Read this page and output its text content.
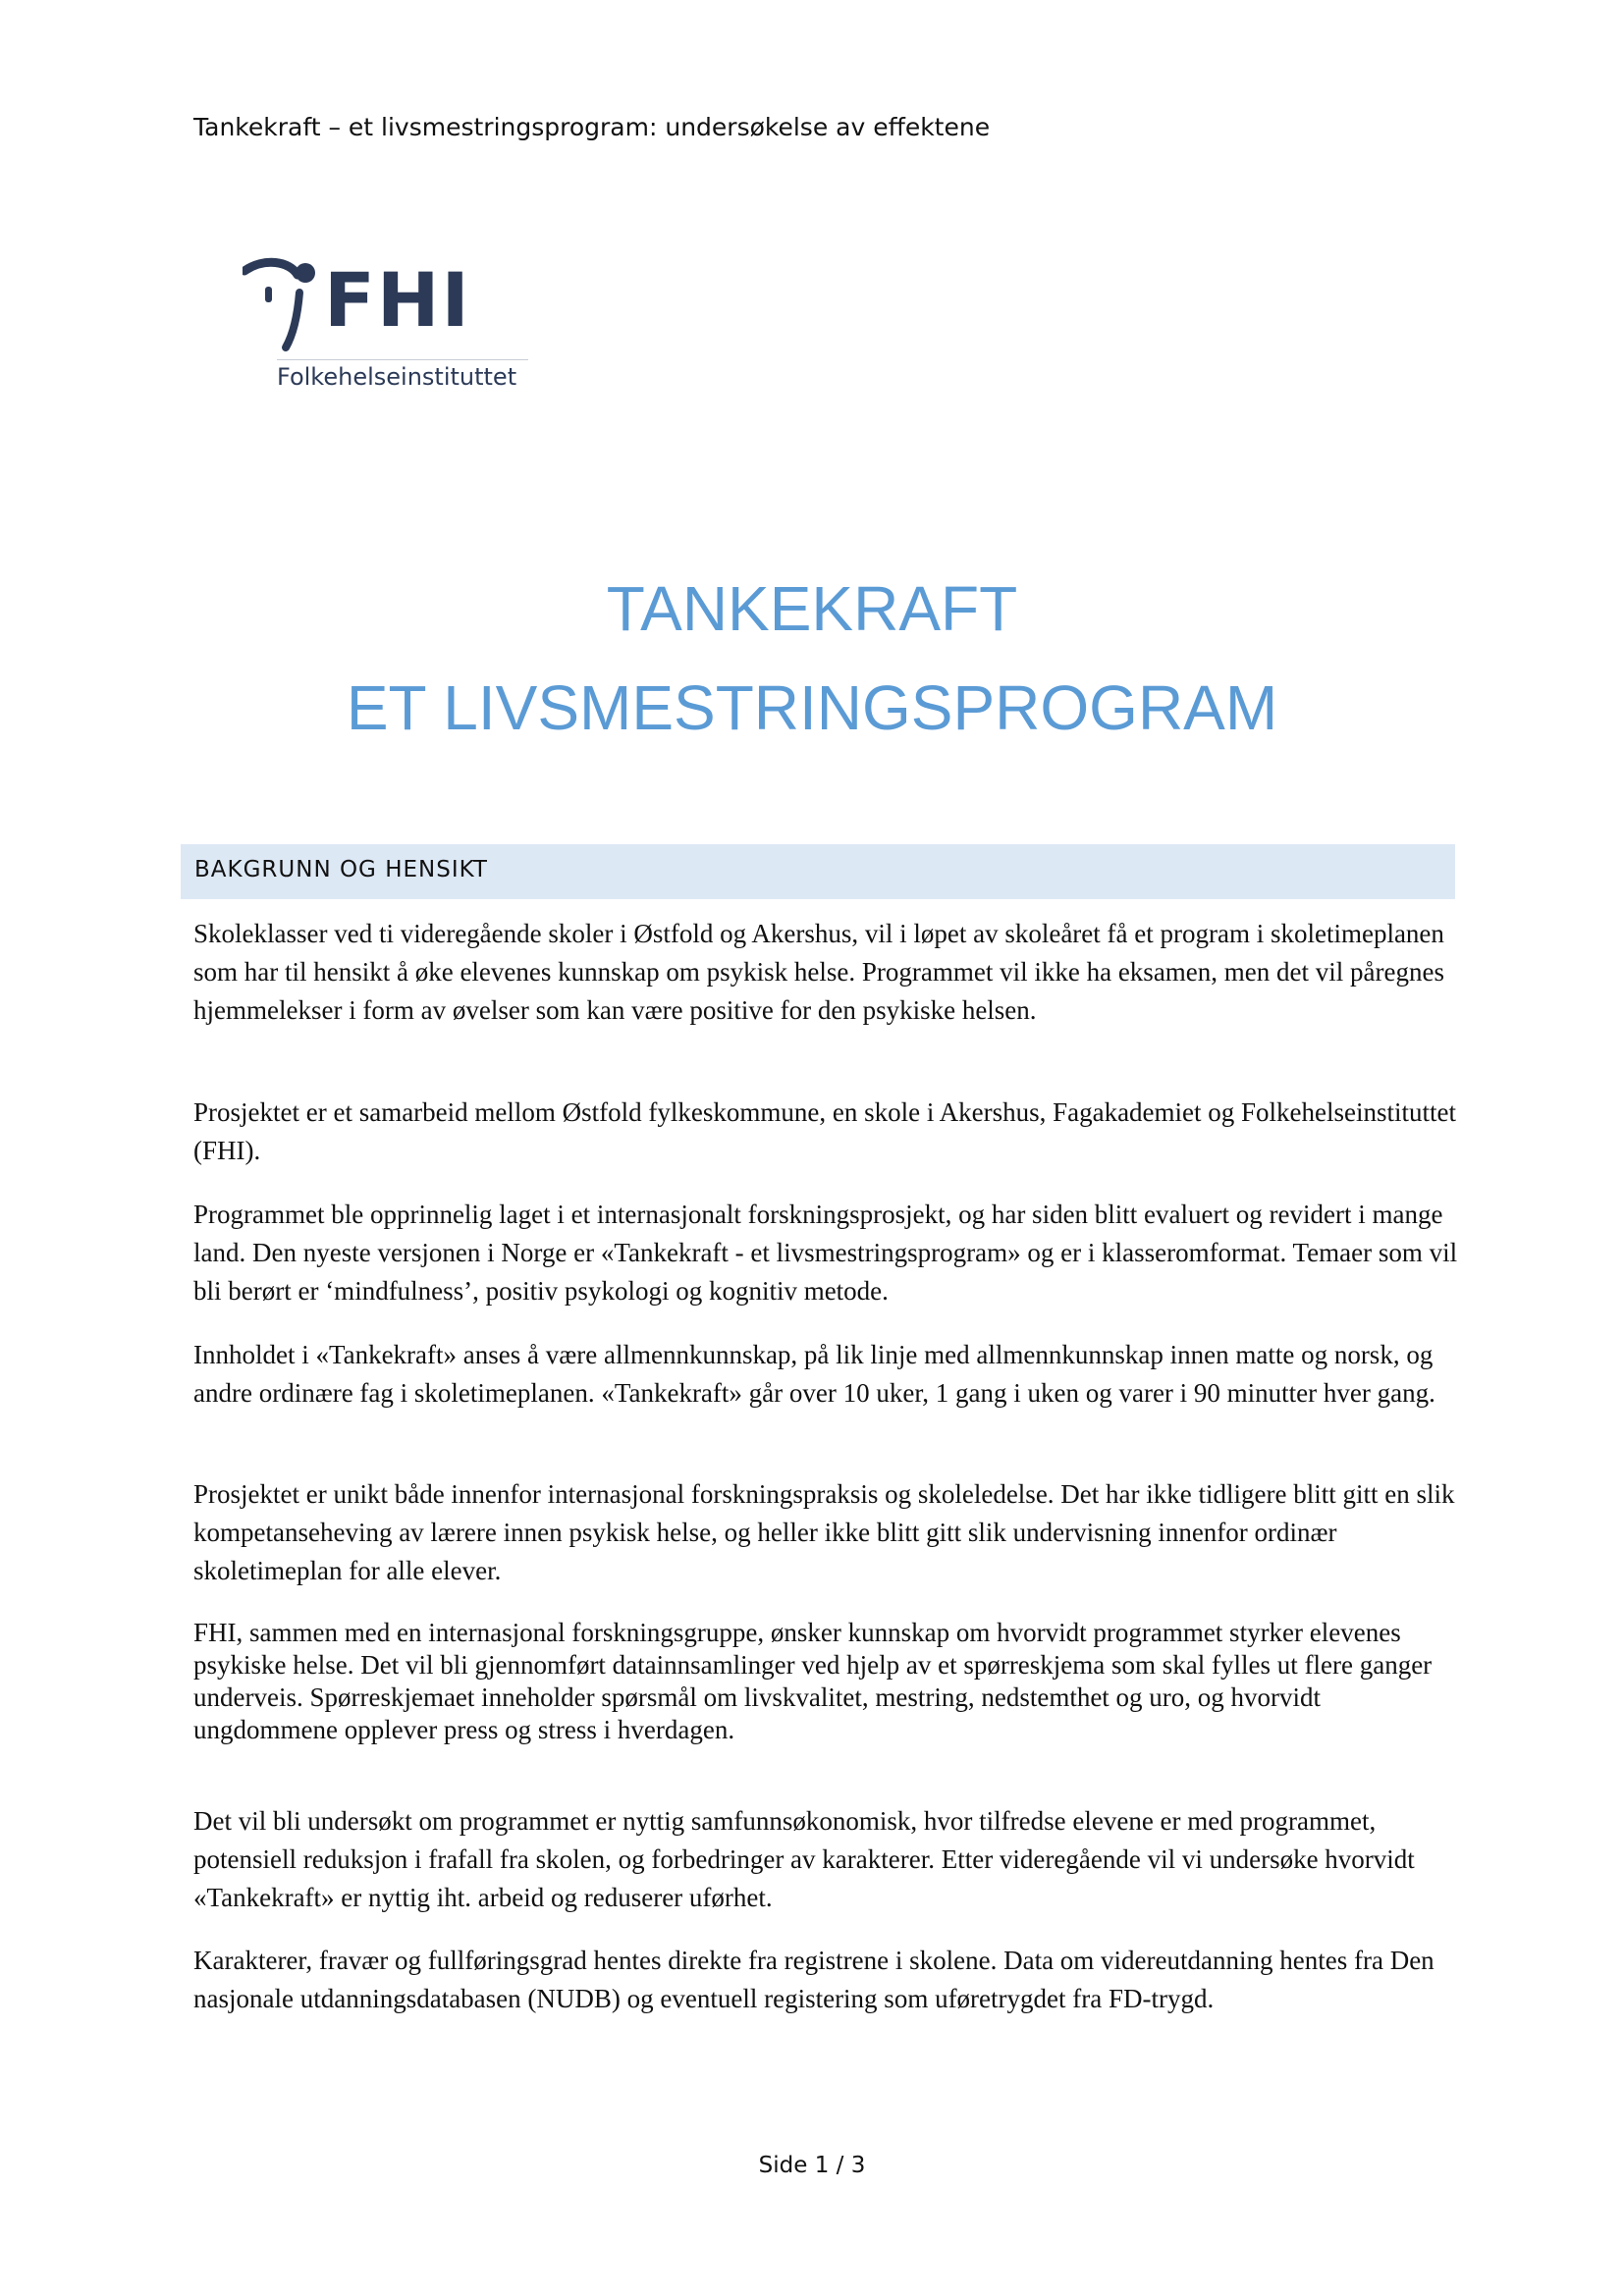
Tankekraft – et livsmestringsprogram: undersøkelse av effektene
FHI
Folkehelseinstituttet
TANKEKRAFT
ET LIVSMESTRINGSPROGRAM
BAKGRUNN OG HENSIKT

Skoleklasser ved ti videregående skoler i Østfold og Akershus, vil i løpet av skoleåret få et program i skoletimeplanen som har til hensikt å øke elevenes kunnskap om psykisk helse. Programmet vil ikke ha eksamen, men det vil påregnes hjemmelekser i form av øvelser som kan være positive for den psykiske helsen.

Prosjektet er et samarbeid mellom Østfold fylkeskommune, en skole i Akershus, Fagakademiet og Folkehelseinstituttet (FHI).

Programmet ble opprinnelig laget i et internasjonalt forskningsprosjekt, og har siden blitt evaluert og revidert i mange land. Den nyeste versjonen i Norge er «Tankekraft - et livsmestringsprogram» og er i klasseromformat. Temaer som vil bli berørt er ‘mindfulness’, positiv psykologi og kognitiv metode.

Innholdet i «Tankekraft» anses å være allmennkunnskap, på lik linje med allmennkunnskap innen matte og norsk, og andre ordinære fag i skoletimeplanen. «Tankekraft» går over 10 uker, 1 gang i uken og varer i 90 minutter hver gang.

Prosjektet er unikt både innenfor internasjonal forskningspraksis og skoleledelse. Det har ikke tidligere blitt gitt en slik kompetanseheving av lærere innen psykisk helse, og heller ikke blitt gitt slik undervisning innenfor ordinær skoletimeplan for alle elever.

FHI, sammen med en internasjonal forskningsgruppe, ønsker kunnskap om hvorvidt programmet styrker elevenes psykiske helse. Det vil bli gjennomført datainnsamlinger ved hjelp av et spørreskjema som skal fylles ut flere ganger underveis. Spørreskjemaet inneholder spørsmål om livskvalitet, mestring, nedstemthet og uro, og hvorvidt ungdommene opplever press og stress i hverdagen.

Det vil bli undersøkt om programmet er nyttig samfunnsøkonomisk, hvor tilfredse elevene er med programmet, potensiell reduksjon i frafall fra skolen, og forbedringer av karakterer. Etter videregående vil vi undersøke hvorvidt «Tankekraft» er nyttig iht. arbeid og reduserer uførhet.

Karakterer, fravær og fullføringsgrad hentes direkte fra registrene i skolene. Data om videreutdanning hentes fra Den nasjonale utdanningsdatabasen (NUDB) og eventuell registering som uføretrygdet fra FD-trygd.

Side 1 / 3
